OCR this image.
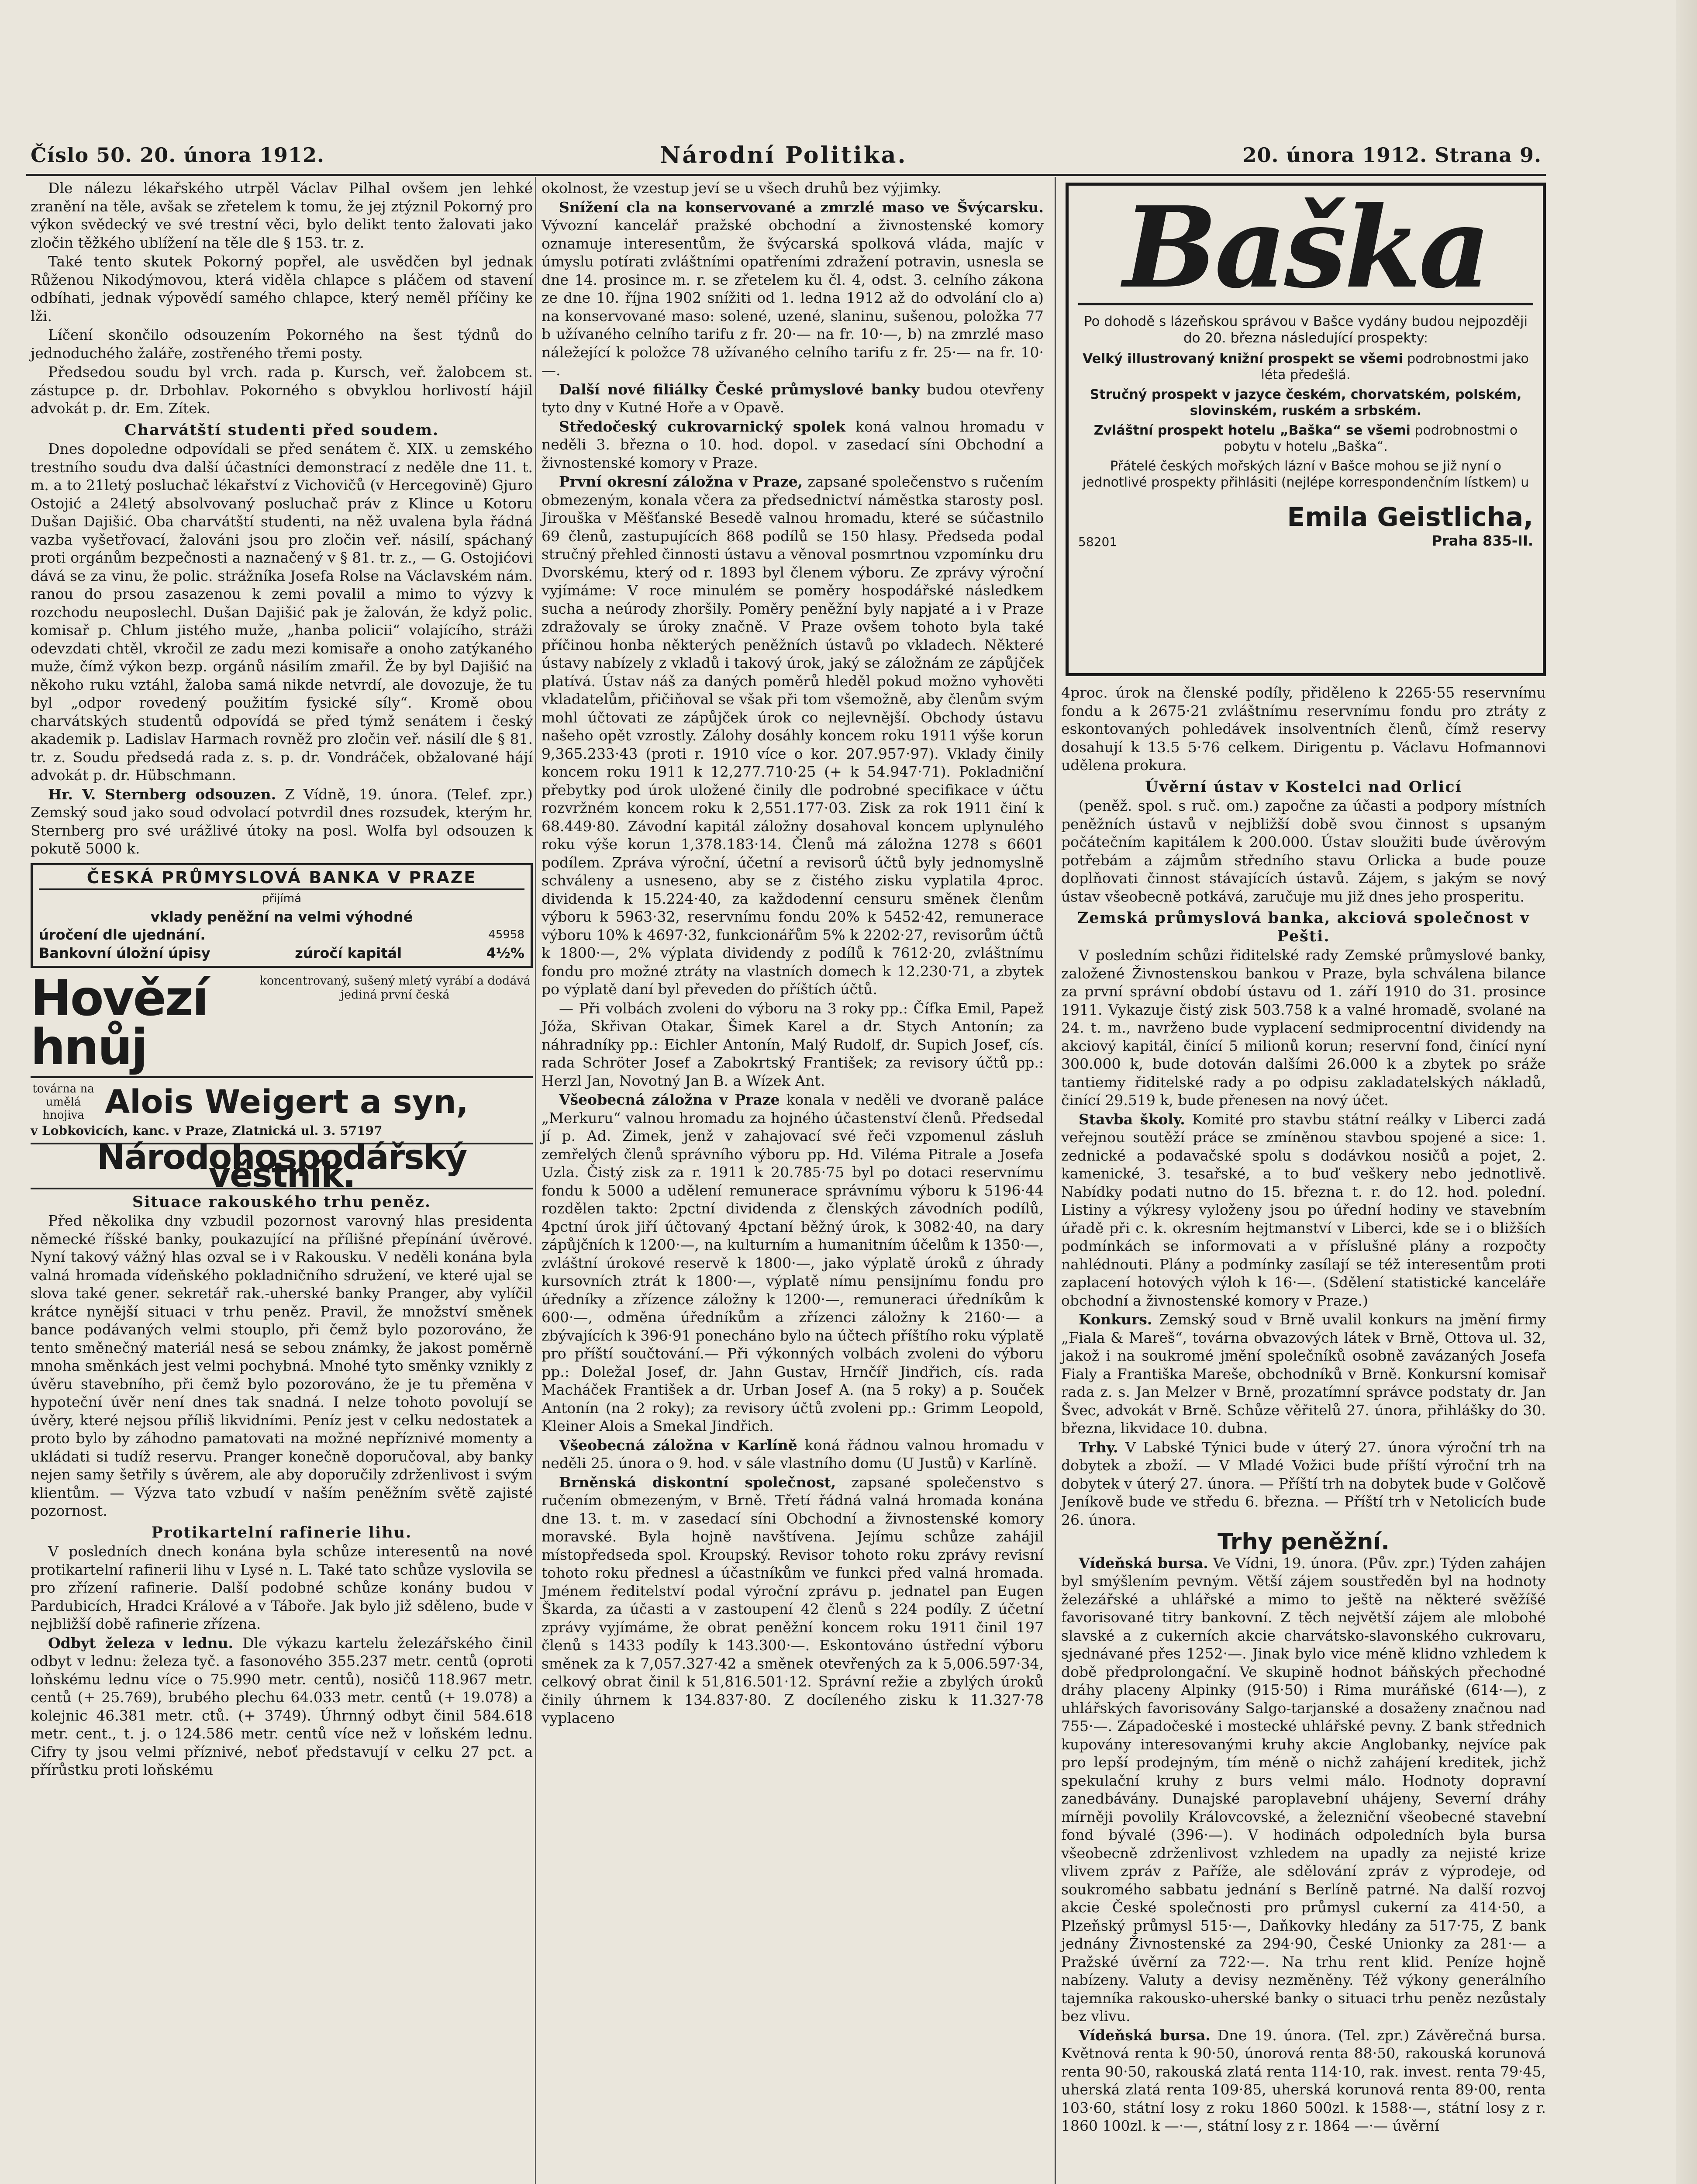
Číslo 50. 20. února 1912.	Národní Politika.	20. února 1912. Strana 9.

Dle nálezu lékařského utrpěl Václav Pilhal ovšem jen lehké zranění na těle, avšak se zřetelem k tomu, že jej ztýznil Pokorný pro výkon svědecký ve své trestní věci, bylo delikt tento žalovati jako zločin těžkého ublížení na těle dle § 153. tr. z.

Také tento skutek Pokorný popřel, ale usvědčen byl jednak Růženou Nikodýmovou, která viděla chlapce s pláčem od stavení odbíhati, jednak výpovědí samého chlapce, který neměl příčiny ke lži.

Líčení skončilo odsouzením Pokorného na šest týdnů do jednoduchého žaláře, zostřeného třemi posty.

Předsedou soudu byl vrch. rada p. Kursch, veř. žalobcem st. zástupce p. dr. Drbohlav. Pokorného s obvyklou horlivostí hájil advokát p. dr. Em. Zítek.

Charvátští studenti před soudem.

Dnes dopoledne odpovídali se před senátem č. XIX. u zemského trestního soudu dva další účastníci demonstrací z neděle dne 11. t. m. a to 21letý posluchač lékařství z Vichovičů (v Hercegovině) Gjuro Ostojić a 24letý absolvovaný posluchač práv z Klince u Kotoru Dušan Dajišić. Oba charvátští studenti, na něž uvalena byla řádná vazba vyšetřovací, žalováni jsou pro zločin veř. násilí, spáchaný proti orgánům bezpečnosti a naznačený v § 81. tr. z., — G. Ostojićovi dává se za vinu, že polic. strážníka Josefa Rolse na Václavském nám. ranou do prsou zasazenou k zemi povalil a mimo to výzvy k rozchodu neuposlechl. Dušan Dajišić pak je žalován, že když polic. komisař p. Chlum jistého muže, „hanba policii“ volajícího, stráži odevzdati chtěl, vkročil ze zadu mezi komisaře a onoho zatýkaného muže, čímž výkon bezp. orgánů násilím zmařil. Že by byl Dajišić na někoho ruku vztáhl, žaloba samá nikde netvrdí, ale dovozuje, že tu byl „odpor rovedený použitím fysické síly“. Kromě obou charvátských studentů odpovídá se před týmž senátem i český akademik p. Ladislav Harmach rovněž pro zločin veř. násilí dle § 81. tr. z. Soudu předsedá rada z. s. p. dr. Vondráček, obžalované hájí advokát p. dr. Hübschmann.

Hr. V. Sternberg odsouzen. Z Vídně, 19. února. (Telef. zpr.) Zemský soud jako soud odvolací potvrdil dnes rozsudek, kterým hr. Sternberg pro své urážlivé útoky na posl. Wolfa byl odsouzen k pokutě 5000 k.

ČESKÁ PRŮMYSLOVÁ BANKA V PRAZE
přijímá
vklady peněžní na velmi výhodné
úročení dle ujednání.	45958
Bankovní úložní úpisy	zúročí kapitál	4½%
Hovězí hnůj
koncentrovaný, sušený mletý vyrábí a dodává jediná první česká
továrna na umělá hnojiva Alois Weigert a syn,
v Lobkovicích, kanc. v Praze, Zlatnická ul. 3. 57197
Národohospodářský věstník.
Situace rakouského trhu peněz.

Před několika dny vzbudil pozornost varovný hlas presidenta německé říšské banky, poukazující na přílišné přepínání úvěrové. Nyní takový vážný hlas ozval se i v Rakousku. V neděli konána byla valná hromada vídeňského pokladničního sdružení, ve které ujal se slova také gener. sekretář rak.-uherské banky Pranger, aby vylíčil krátce nynější situaci v trhu peněz. Pravil, že množství směnek bance podávaných velmi stouplo, při čemž bylo pozorováno, že tento směnečný materiál nesá se sebou známky, že jakost poměrně mnoha směnkách jest velmi pochybná. Mnohé tyto směnky vznikly z úvěru stavebního, při čemž bylo pozorováno, že je tu přeměna v hypoteční úvěr není dnes tak snadná. I nelze tohoto povolují se úvěry, které nejsou příliš likvidními. Peníz jest v celku nedostatek a proto bylo by záhodno pamatovati na možné nepříznivé momenty a ukládati si tudíž reservu. Pranger konečně doporučoval, aby banky nejen samy šetřily s úvěrem, ale aby doporučily zdrženlivost i svým klientům. — Výzva tato vzbudí v naším peněžním světě zajisté pozornost.

Protikartelní rafinerie lihu.

V posledních dnech konána byla schůze interesentů na nové protikartelní rafinerii lihu v Lysé n. L. Také tato schůze vyslovila se pro zřízení rafinerie. Další podobné schůze konány budou v Pardubicích, Hradci Králové a v Táboře. Jak bylo již sděleno, bude v nejbližší době rafinerie zřízena.

Odbyt železa v lednu. Dle výkazu kartelu železářského činil odbyt v lednu: železa tyč. a fasonového 355.237 metr. centů (oproti loňskému lednu více o 75.990 metr. centů), nosičů 118.967 metr. centů (+ 25.769), brubého plechu 64.033 metr. centů (+ 19.078) a kolejnic 46.381 metr. ctů. (+ 3749). Úhrnný odbyt činil 584.618 metr. cent., t. j. o 124.586 metr. centů více než v loňském lednu. Cifry ty jsou velmi příznivé, neboť představují v celku 27 pct. a přírůstku proti loňskému

okolnost, že vzestup jeví se u všech druhů bez výjimky.

Snížení cla na konservované a zmrzlé maso ve Švýcarsku. Vývozní kancelář pražské obchodní a živnostenské komory oznamuje interesentům, že švýcarská spolková vláda, majíc v úmyslu potírati zvláštními opatřeními zdražení potravin, usnesla se dne 14. prosince m. r. se zřetelem ku čl. 4, odst. 3. celního zákona ze dne 10. října 1902 snížiti od 1. ledna 1912 až do odvolání clo a) na konservované maso: solené, uzené, slaninu, sušenou, položka 77 b užívaného celního tarifu z fr. 20·— na fr. 10·—, b) na zmrzlé maso náležející k položce 78 užívaného celního tarifu z fr. 25·— na fr. 10·—.

Další nové filiálky České průmyslové banky budou otevřeny tyto dny v Kutné Hoře a v Opavě.

Středočeský cukrovarnický spolek koná valnou hromadu v neděli 3. března o 10. hod. dopol. v zasedací síni Obchodní a živnostenské komory v Praze.

První okresní záložna v Praze, zapsané společenstvo s ručením obmezeným, konala včera za předsednictví náměstka starosty posl. Jirouška v Měšťanské Besedě valnou hromadu, které se súčastnilo 69 členů, zastupujících 868 podílů se 150 hlasy. Předseda podal stručný přehled činnosti ústavu a věnoval posmrtnou vzpomínku dru Dvorskému, který od r. 1893 byl členem výboru. Ze zprávy výroční vyjímáme: V roce minulém se poměry hospodářské následkem sucha a neúrody zhoršily. Poměry peněžní byly napjaté a i v Praze zdražovaly se úroky značně. V Praze ovšem tohoto byla také příčinou honba některých peněžních ústavů po vkladech. Některé ústavy nabízely z vkladů i takový úrok, jaký se záložnám ze zápůjček platívá. Ústav náš za daných poměrů hleděl pokud možno vyhověti vkladatelům, přičiňoval se však při tom všemožně, aby členům svým mohl účtovati ze zápůjček úrok co nejlevnější. Obchody ústavu našeho opět vzrostly. Zálohy dosáhly koncem roku 1911 výše korun 9,365.233·43 (proti r. 1910 více o kor. 207.957·97). Vklady činily koncem roku 1911 k 12,277.710·25 (+ k 54.947·71). Pokladniční přebytky pod úrok uložené činily dle podrobné specifikace v účtu rozvržném koncem roku k 2,551.177·03. Zisk za rok 1911 činí k 68.449·80. Závodní kapitál záložny dosahoval koncem uplynulého roku výše korun 1,378.183·14. Členů má záložna 1278 s 6601 podílem. Zpráva výroční, účetní a revisorů účtů byly jednomyslně schváleny a usneseno, aby se z čistého zisku vyplatila 4proc. dividenda k 15.224·40, za každodenní censuru směnek členům výboru k 5963·32, reservnímu fondu 20% k 5452·42, remunerace výboru 10% k 4697·32, funkcionářům 5% k 2202·27, revisorům účtů k 1800·—, 2% výplata dividendy z podílů k 7612·20, zvláštnímu fondu pro možné ztráty na vlastních domech k 12.230·71, a zbytek po výplatě daní byl převeden do příštích účtů.

— Při volbách zvoleni do výboru na 3 roky pp.: Čífka Emil, Papež Jóža, Skřivan Otakar, Šimek Karel a dr. Stych Antonín; za náhradníky pp.: Eichler Antonín, Malý Rudolf, dr. Supich Josef, cís. rada Schröter Josef a Zabokrtský František; za revisory účtů pp.: Herzl Jan, Novotný Jan B. a Wízek Ant.

Všeobecná záložna v Praze konala v neděli ve dvoraně paláce „Merkuru“ valnou hromadu za hojného účastenství členů. Předsedal jí p. Ad. Zimek, jenž v zahajovací své řeči vzpomenul zásluh zemřelých členů správního výboru pp. Hd. Viléma Pitrale a Josefa Uzla. Čistý zisk za r. 1911 k 20.785·75 byl po dotaci reservnímu fondu k 5000 a udělení remunerace správnímu výboru k 5196·44 rozdělen takto: 2pctní dividenda z členských závodních podílů, 4pctní úrok jiří účtovaný 4pctaní běžný úrok, k 3082·40, na dary zápůjčních k 1200·—, na kulturním a humanitním účelům k 1350·—, zvláštní úrokové reservě k 1800·—, jako výplatě úroků z úhrady kursovních ztrát k 1800·—, výplatě nímu pensijnímu fondu pro úředníky a zřízence záložny k 1200·—, remuneraci úředníkům k 600·—, odměna úředníkům a zřízenci záložny k 2160·— a zbývajících k 396·91 ponecháno bylo na účtech příštího roku výplatě pro příští součtování.— Při výkonných volbách zvoleni do výboru pp.: Doležal Josef, dr. Jahn Gustav, Hrnčíř Jindřich, cís. rada Macháček František a dr. Urban Josef A. (na 5 roky) a p. Souček Antonín (na 2 roky); za revisory účtů zvoleni pp.: Grimm Leopold, Kleiner Alois a Smekal Jindřich.

Všeobecná záložna v Karlíně koná řádnou valnou hromadu v neděli 25. února o 9. hod. v sále vlastního domu (U Justů) v Karlíně.

Brněnská diskontní společnost, zapsané společenstvo s ručením obmezeným, v Brně. Třetí řádná valná hromada konána dne 13. t. m. v zasedací síni Obchodní a živnostenské komory moravské. Byla hojně navštívena. Jejímu schůze zahájil místopředseda spol. Kroupský. Revisor tohoto roku zprávy revisní tohoto roku přednesl a účastníkům ve funkci před valná hromada. Jménem ředitelství podal výroční zprávu p. jednatel pan Eugen Škarda, za účasti a v zastoupení 42 členů s 224 podíly. Z účetní zprávy vyjímáme, že obrat peněžní koncem roku 1911 činil 197 členů s 1433 podíly k 143.300·—. Eskontováno ústřední výboru směnek za k 7,057.327·42 a směnek otevřených za k 5,006.597·34, celkový obrat činil k 51,816.501·12. Správní režie a zbylých úroků činily úhrnem k 134.837·80. Z docíleného zisku k 11.327·78 vyplaceno

Baška
Po dohodě s lázeňskou správou v Bašce vydány budou nejpozději do 20. března následující prospekty:
Velký illustrovaný knižní prospekt se všemi podrobnostmi jako léta předešlá.
Stručný prospekt v jazyce českém, chorvatském, polském, slovinském, ruském a srbském.
Zvláštní prospekt hotelu „Baška“ se všemi podrobnostmi o pobytu v hotelu „Baška“.
Přátelé českých mořských lázní v Bašce mohou se již nyní o jednotlivé prospekty přihlásiti (nejlépe korrespondenčním lístkem) u
58201
Emila Geistlicha,
Praha 835-II.

4proc. úrok na členské podíly, přiděleno k 2265·55 reservnímu fondu a k 2675·21 zvláštnímu reservnímu fondu pro ztráty z eskontovaných pohledávek insolventních členů, čímž reservy dosahují k 13.5 5·76 celkem. Dirigentu p. Václavu Hofmannovi udělena prokura.

Úvěrní ústav v Kostelci nad Orlicí

(peněž. spol. s ruč. om.) započne za účasti a podpory místních peněžních ústavů v nejbližší době svou činnost s upsaným počátečním kapitálem k 200.000. Ústav sloužiti bude úvěrovým potřebám a zájmům středního stavu Orlicka a bude pouze doplňovati činnost stávajících ústavů. Zájem, s jakým se nový ústav všeobecně potkává, zaručuje mu již dnes jeho prosperitu.

Zemská průmyslová banka, akciová společnost v Pešti.

V posledním schůzi řiditelské rady Zemské průmyslové banky, založené Živnostenskou bankou v Praze, byla schválena bilance za první správní období ústavu od 1. září 1910 do 31. prosince 1911. Vykazuje čistý zisk 503.758 k a valné hromadě, svolané na 24. t. m., navrženo bude vyplacení sedmiprocentní dividendy na akciový kapitál, činící 5 milionů korun; reservní fond, činící nyní 300.000 k, bude dotován dalšími 26.000 k a zbytek po sráže tantiemy řiditelské rady a po odpisu zakladatelských nákladů, činící 29.519 k, bude přenesen na nový účet.

Stavba školy. Komité pro stavbu státní reálky v Liberci zadá veřejnou soutěží práce se zmíněnou stavbou spojené a sice: 1. zednické a podavačské spolu s dodávkou nosičů a pojet, 2. kamenické, 3. tesařské, a to buď veškery nebo jednotlivě. Nabídky podati nutno do 15. března t. r. do 12. hod. polední. Listiny a výkresy vyloženy jsou po úřední hodiny ve stavebním úřadě při c. k. okresním hejtmanství v Liberci, kde se i o bližších podmínkách se informovati a v příslušné plány a rozpočty nahlédnouti. Plány a podmínky zasílají se též interesentům proti zaplacení hotových výloh k 16·—. (Sdělení statistické kanceláře obchodní a živnostenské komory v Praze.)

Konkurs. Zemský soud v Brně uvalil konkurs na jmění firmy „Fiala & Mareš“, továrna obvazových látek v Brně, Ottova ul. 32, jakož i na soukromé jmění společníků osobně zavázaných Josefa Fialy a Františka Mareše, obchodníků v Brně. Konkursní komisař rada z. s. Jan Melzer v Brně, prozatímní správce podstaty dr. Jan Švec, advokát v Brně. Schůze věřitelů 27. února, přihlášky do 30. března, likvidace 10. dubna.

Trhy. V Labské Týnici bude v úterý 27. února výroční trh na dobytek a zboží. — V Mladé Vožici bude příští výroční trh na dobytek v úterý 27. února. — Příští trh na dobytek bude v Golčově Jeníkově bude ve středu 6. března. — Příští trh v Netolicích bude 26. února.

Trhy peněžní.

Vídeňská bursa. Ve Vídni, 19. února. (Pův. zpr.) Týden zahájen byl smýšlením pevným. Větší zájem soustředěn byl na hodnoty železářské a uhlářské a mimo to ještě na některé svěžíšé favorisované titry bankovní. Z těch největší zájem ale mlobohé slavské a z cukerních akcie charvátsko-slavonského cukrovaru, sjednávané přes 1252·—. Jinak bylo vice méně klidno vzhledem k době předprolongační. Ve skupině hodnot báňských přechodné dráhy placeny Alpinky (915·50) i Rima muráňské (614·—), z uhlářských favorisovány Salgo-tarjanské a dosaženy značnou nad 755·—. Západočeské i mostecké uhlářské pevny. Z bank střednich kupovány interesovanými kruhy akcie Anglobanky, nejvíce pak pro lepší prodejným, tím méně o nichž zahájení kreditek, jichž spekulační kruhy z burs velmi málo. Hodnoty dopravní zanedbávány. Dunajské paroplavební uhájeny, Severní dráhy mírněji povolily Královcovské, a železniční všeobecné stavební fond bývalé (396·—). V hodinách odpoledních byla bursa všeobecně zdrženlivost vzhledem na upadly za nejisté krize vlivem zpráv z Paříže, ale sdělování zpráv z výprodeje, od soukromého sabbatu jednání s Berlíně patrné. Na další rozvoj akcie České společnosti pro průmysl cukerní za 414·50, a Plzeňský průmysl 515·—, Daňkovky hledány za 517·75, Z bank jednány Živnostenské za 294·90, České Unionky za 281·— a Pražské úvěrní za 722·—. Na trhu rent klid. Peníze hojně nabízeny. Valuty a devisy nezměněny. Též výkony generálního tajemníka rakousko-uherské banky o situaci trhu peněz nezůstaly bez vlivu.

Vídeňská bursa. Dne 19. února. (Tel. zpr.) Závěrečná bursa. Květnová renta k 90·50, únorová renta 88·50, rakouská korunová renta 90·50, rakouská zlatá renta 114·10, rak. invest. renta 79·45, uherská zlatá renta 109·85, uherská korunová renta 89·00, renta 103·60, státní losy z roku 1860 500zl. k 1588·—, státní losy z r. 1860 100zl. k —·—, státní losy z r. 1864 —·— úvěrní
